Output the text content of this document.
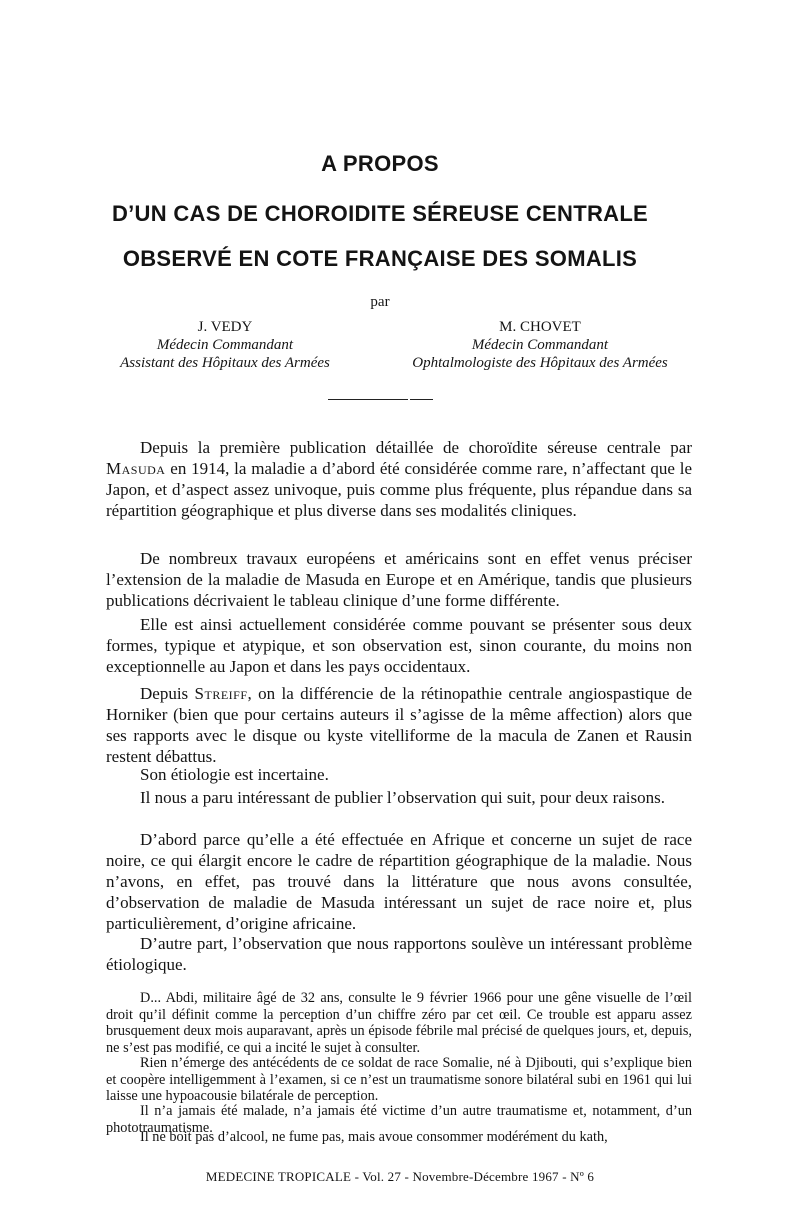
A PROPOS
D’UN CAS DE CHOROIDITE SÉREUSE CENTRALE
OBSERVÉ EN COTE FRANÇAISE DES SOMALIS
par
J. VEDY
Médecin Commandant
Assistant des Hôpitaux des Armées
M. CHOVET
Médecin Commandant
Ophtalmologiste des Hôpitaux des Armées

Depuis la première publication détaillée de choroïdite séreuse centrale par Masuda en 1914, la maladie a d’abord été considérée comme rare, n’affectant que le Japon, et d’aspect assez univoque, puis comme plus fréquente, plus répandue dans sa répartition géographique et plus diverse dans ses modalités cliniques.

De nombreux travaux européens et américains sont en effet venus préciser l’extension de la maladie de Masuda en Europe et en Amérique, tandis que plusieurs publications décrivaient le tableau clinique d’une forme différente.

Elle est ainsi actuellement considérée comme pouvant se présenter sous deux formes, typique et atypique, et son observation est, sinon courante, du moins non exceptionnelle au Japon et dans les pays occidentaux.

Depuis Streiff, on la différencie de la rétinopathie centrale angiospastique de Horniker (bien que pour certains auteurs il s’agisse de la même affection) alors que ses rapports avec le disque ou kyste vitelliforme de la macula de Zanen et Rausin restent débattus.

Son étiologie est incertaine.

Il nous a paru intéressant de publier l’observation qui suit, pour deux raisons.

D’abord parce qu’elle a été effectuée en Afrique et concerne un sujet de race noire, ce qui élargit encore le cadre de répartition géographique de la maladie. Nous n’avons, en effet, pas trouvé dans la littérature que nous avons consultée, d’observation de maladie de Masuda intéressant un sujet de race noire et, plus particulièrement, d’origine africaine.

D’autre part, l’observation que nous rapportons soulève un intéressant problème étiologique.

D... Abdi, militaire âgé de 32 ans, consulte le 9 février 1966 pour une gêne visuelle de l’œil droit qu’il définit comme la perception d’un chiffre zéro par cet œil. Ce trouble est apparu assez brusquement deux mois auparavant, après un épisode fébrile mal précisé de quelques jours, et, depuis, ne s’est pas modifié, ce qui a incité le sujet à consulter.

Rien n’émerge des antécédents de ce soldat de race Somalie, né à Djibouti, qui s’explique bien et coopère intelligemment à l’examen, si ce n’est un traumatisme sonore bilatéral subi en 1961 qui lui laisse une hypoacousie bilatérale de perception.

Il n’a jamais été malade, n’a jamais été victime d’un autre traumatisme et, notamment, d’un phototraumatisme.

Il ne boit pas d’alcool, ne fume pas, mais avoue consommer modérément du kath,

MEDECINE TROPICALE - Vol. 27 - Novembre-Décembre 1967 - Nº 6
